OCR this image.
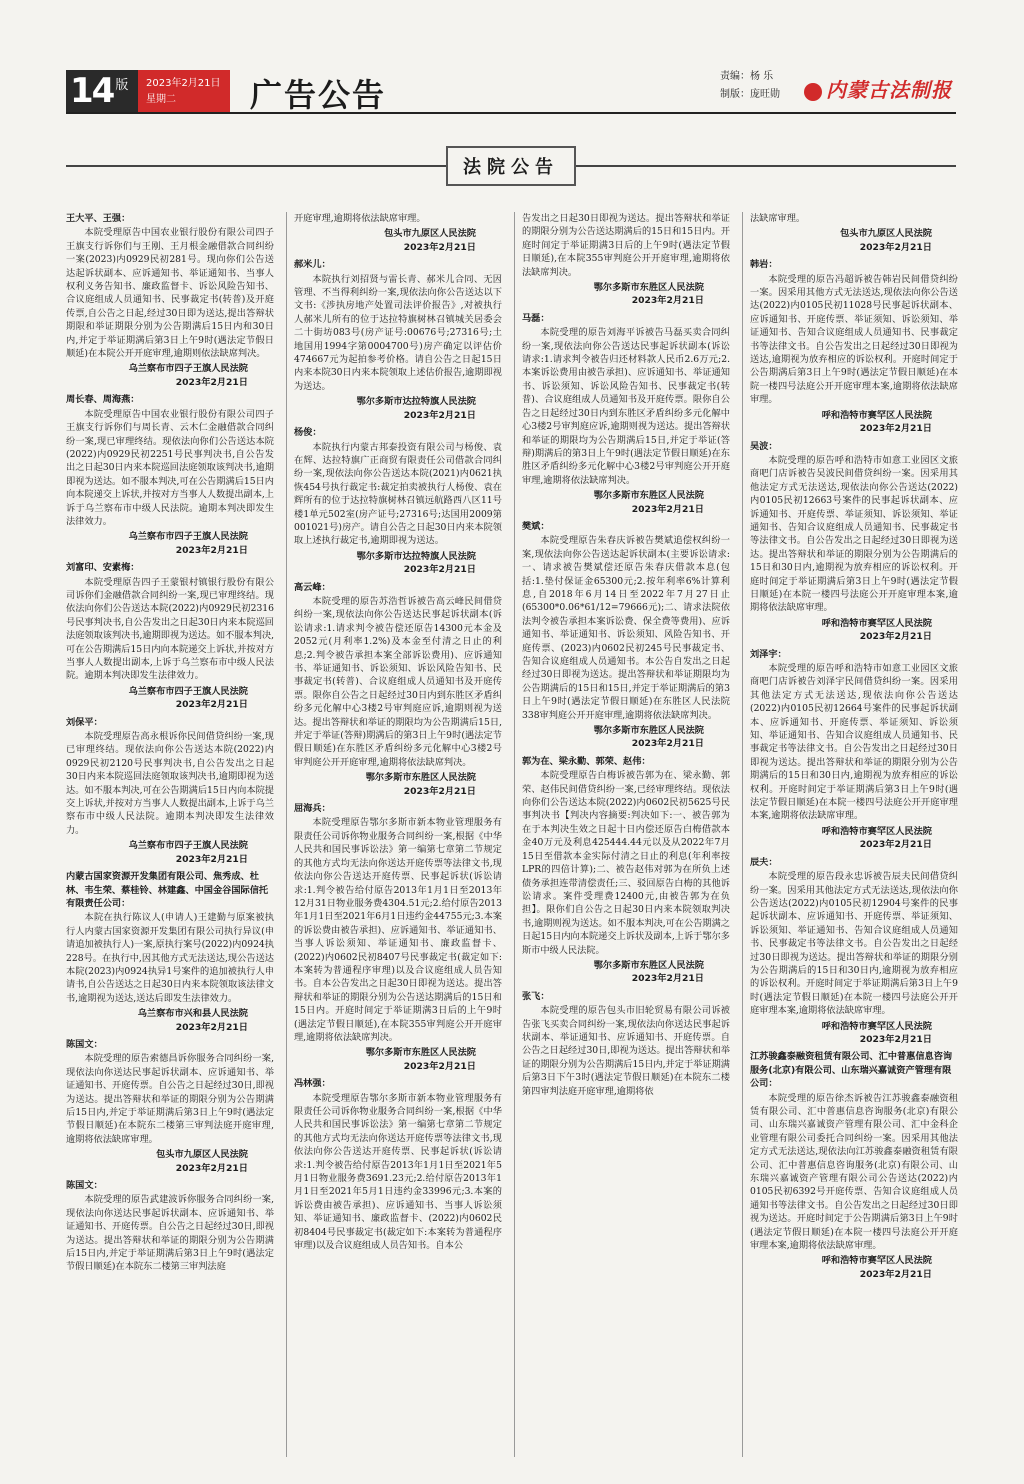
14 版 2023年2月21日
星期二	广告公告	责编：杨 乐
制版：庞旺勋	内蒙古法制报
法院公告
王大平、王强：
本院受理原告中国农业银行股份有限公司四子王旗支行诉你们与王刚、王月根金融借款合同纠纷一案(2023)内0929民初281号。现向你们公告送达起诉状副本、应诉通知书、举证通知书、当事人权利义务告知书、廉政监督卡、诉讼风险告知书、合议庭组成人员通知书、民事裁定书(转普)及开庭传票,自公告之日起,经过30日即为送达,提出答辩状期限和举证期限分别为公告期满后15日内和30日内,并定于举证期满后第3日上午9时(遇法定节假日顺延)在本院公开开庭审理,逾期则依法缺席判决。
乌兰察布市四子王旗人民法院
2023年2月21日
周长春、周海燕：
本院受理原告中国农业银行股份有限公司四子王旗支行诉你们与周长青、云木仁金融借款合同纠纷一案,现已审理终结。现依法向你们公告送达本院(2022)内0929民初2251号民事判决书,自公告发出之日起30日内来本院巡回法庭领取该判决书,逾期即视为送达。如不服本判决,可在公告期满后15日内向本院递交上诉状,并按对方当事人人数提出副本,上诉于乌兰察布市中级人民法院。逾期本判决即发生法律效力。
乌兰察布市四子王旗人民法院
2023年2月21日
刘富印、安素梅：
本院受理原告四子王蒙银村镇银行股份有限公司诉你们金融借款合同纠纷一案,现已审理终结。现依法向你们公告送达本院(2022)内0929民初2316号民事判决书,自公告发出之日起30日内来本院巡回法庭领取该判决书,逾期即视为送达。如不服本判决,可在公告期满后15日内向本院递交上诉状,并按对方当事人人数提出副本,上诉于乌兰察布市中级人民法院。逾期本判决即发生法律效力。
乌兰察布市四子王旗人民法院
2023年2月21日
刘保平：
本院受理原告高永根诉你民间借贷纠纷一案,现已审理终结。现依法向你公告送达本院(2022)内0929民初2120号民事判决书,自公告发出之日起30日内来本院巡回法庭领取该判决书,逾期即视为送达。如不服本判决,可在公告期满后15日内向本院提交上诉状,并按对方当事人人数提出副本,上诉于乌兰察布市中级人民法院。逾期本判决即发生法律效力。
乌兰察布市四子王旗人民法院
2023年2月21日
内蒙古国家资源开发集团有限公司、焦秀成、杜林、韦生荣、蔡桂铃、林建鑫、中国金谷国际信托有限责任公司：
本院在执行陈议人(申请人)王建勤与原案被执行人内蒙古国家资源开发集团有限公司执行异议(申请追加被执行人)一案,原执行案号(2022)内0924执228号。在执行中,因其他方式无法送达,现公告送达本院(2023)内0924执异1号案件的追加被执行人申请书,自公告送达之日起30日内来本院领取该法律文书,逾期视为送达,送达后即发生法律效力。
乌兰察布市兴和县人民法院
2023年2月21日
陈国文：
本院受理的原告索德昌诉你服务合同纠纷一案,现依法向你送达民事起诉状副本、应诉通知书、举证通知书、开庭传票。自公告之日起经过30日,即视为送达。提出答辩状和举证的期限分别为公告期满后15日内,并定于举证期满后第3日上午9时(遇法定节假日顺延)在本院东二楼第三审判法庭开庭审理,逾期将依法缺席审理。
包头市九原区人民法院
2023年2月21日
陈国文：
本院受理的原告武建波诉你服务合同纠纷一案,现依法向你送达民事起诉状副本、应诉通知书、举证通知书、开庭传票。自公告之日起经过30日,即视为送达。提出答辩状和举证的期限分别为公告期满后15日内,并定于举证期满后第3日上午9时(遇法定节假日顺延)在本院东二楼第三审判法庭
开庭审理,逾期将依法缺席审理。
包头市九原区人民法院
2023年2月21日
郝米儿：
本院执行刘招贤与雷长青、郝米儿合同、无因管理、不当得利纠纷一案,现依法向你公告送达以下文书:《涉执房地产处置司法评价报告》,对被执行人郝米儿所有的位于达拉特旗树林召镇城关居委会二十街坊083号(房产证号:00676号;27316号;土地国用1994字第0004700号)房产确定以评估价474667元为起拍参考价格。请自公告之日起15日内来本院30日内来本院领取上述估价报告,逾期即视为送达。
鄂尔多斯市达拉特旗人民法院
2023年2月21日
杨俊：
本院执行内蒙古邦泰投资有限公司与杨俊、袁在辉、达拉特旗广正商贸有限责任公司借款合同纠纷一案,现依法向你公告送达本院(2021)内0621执恢454号执行裁定书:裁定拍卖被执行人杨俊、袁在辉所有的位于达拉特旗树林召镇远航路西八区11号楼1单元502室(房产证号;27316号;达国用2009第001021号)房产。请自公告之日起30日内来本院领取上述执行裁定书,逾期即视为送达。
鄂尔多斯市达拉特旗人民法院
2023年2月21日
高云峰：
本院受理的原告苏浩哲诉被告高云峰民间借贷纠纷一案,现依法向你公告送达民事起诉状副本(诉讼请求:1.请求判令被告偿还原告14300元本金及2052元(月利率1.2%)及本金至付清之日止的利息;2.判令被告承担本案全部诉讼费用)、应诉通知书、举证通知书、诉讼须知、诉讼风险告知书、民事裁定书(转普)、合议庭组成人员通知书及开庭传票。限你自公告之日起经过30日内到东胜区矛盾纠纷多元化解中心3楼2号审判庭应诉,逾期则视为送达。提出答辩状和举证的期限均为公告期满后15日,并定于举证(答辩)期满后的第3日上午9时(遇法定节假日顺延)在东胜区矛盾纠纷多元化解中心3楼2号审判庭公开开庭审理,逾期将依法缺席判决。
鄂尔多斯市东胜区人民法院
2023年2月21日
屈海兵：
本院受理原告鄂尔多斯市新本物业管理服务有限责任公司诉你物业服务合同纠纷一案,根据《中华人民共和国民事诉讼法》第一编第七章第二节规定的其他方式均无法向你送达开庭传票等法律文书,现依法向你公告送达开庭传票、民事起诉状(诉讼请求:1.判令被告给付原告2013年1月1日至2013年12月31日物业服务费4304.51元;2.给付原告2013年1月1日至2021年6月1日违约金44755元;3.本案的诉讼费由被告承担)、应诉通知书、举证通知书、当事人诉讼须知、举证通知书、廉政监督卡、(2022)内0602民初8407号民事裁定书(裁定如下:本案转为普通程序审理)以及合议庭组成人员告知书。自本公告发出之日起30日即视为送达。提出答辩状和举证的期限分别为公告送达期满后的15日和15日内。开庭时间定于举证期满3日后的上午9时(遇法定节假日顺延),在本院355审判庭公开开庭审理,逾期将依法缺席判决。
鄂尔多斯市东胜区人民法院
2023年2月21日
冯林强：
本院受理原告鄂尔多斯市新本物业管理服务有限责任公司诉你物业服务合同纠纷一案,根据《中华人民共和国民事诉讼法》第一编第七章第二节规定的其他方式均无法向你送达开庭传票等法律文书,现依法向你公告送达开庭传票、民事起诉状(诉讼请求:1.判令被告给付原告2013年1月1日至2021年5月1日物业服务费3691.23元;2.给付原告2013年1月1日至2021年5月1日违约金33996元;3.本案的诉讼费由被告承担)、应诉通知书、当事人诉讼须知、举证通知书、廉政监督卡、(2022)内0602民初8404号民事裁定书(裁定如下:本案转为普通程序审理)以及合议庭组成人员告知书。自本公
告发出之日起30日即视为送达。提出答辩状和举证的期限分别为公告送达期满后的15日和15日内。开庭时间定于举证期满3日后的上午9时(遇法定节假日顺延),在本院355审判庭公开开庭审理,逾期将依法缺席判决。
鄂尔多斯市东胜区人民法院
2023年2月21日
马磊：
本院受理的原告刘海平诉被告马磊买卖合同纠纷一案,现依法向你公告送达民事起诉状副本(诉讼请求:1.请求判令被告归还材料款人民币2.6万元;2.本案诉讼费用由被告承担)、应诉通知书、举证通知书、诉讼须知、诉讼风险告知书、民事裁定书(转普)、合议庭组成人员通知书及开庭传票。限你自公告之日起经过30日内到东胜区矛盾纠纷多元化解中心3楼2号审判庭应诉,逾期则视为送达。提出答辩状和举证的期限均为公告期满后15日,并定于举证(答辩)期满后的第3日上午9时(遇法定节假日顺延)在东胜区矛盾纠纷多元化解中心3楼2号审判庭公开开庭审理,逾期将依法缺席判决。
鄂尔多斯市东胜区人民法院
2023年2月21日
樊斌：
本院受理原告朱春庆诉被告樊斌追偿权纠纷一案,现依法向你公告送达起诉状副本(主要诉讼请求:一、请求被告樊斌偿还原告朱春庆借款本息(包括:1.垫付保证金65300元;2.按年利率6%计算利息,自2018年6月14日至2022年7月27日止(65300*0.06*61/12=79666元);二、请求法院依法判令被告承担本案诉讼费、保全费等费用)、应诉通知书、举证通知书、诉讼须知、风险告知书、开庭传票、(2023)内0602民初245号民事裁定书、告知合议庭组成人员通知书。本公告自发出之日起经过30日即视为送达。提出答辩状和举证期限均为公告期满后的15日和15日,并定于举证期满后的第3日上午9时(遇法定节假日顺延)在东胜区人民法院338审判庭公开开庭审理,逾期将依法缺席判决。
鄂尔多斯市东胜区人民法院
2023年2月21日
郭为在、梁永勤、郭荣、赵伟：
本院受理原告白梅诉被告郭为在、梁永勤、郭荣、赵伟民间借贷纠纷一案,已经审理终结。现依法向你们公告送达本院(2022)内0602民初5625号民事判决书【判决内容摘要:判决如下:一、被告郭为在于本判决生效之日起十日内偿还原告白梅借款本金40万元及利息425444.44元以及从2022年7月15日至借款本金实际付清之日止的利息(年利率按LPR的四倍计算);二、被告赵伟对郭为在所负上述债务承担连带清偿责任;三、驳回原告白梅的其他诉讼请求。案件受理费12400元,由被告郭为在负担】。限你们自公告之日起30日内来本院领取判决书,逾期则视为送达。如不服本判决,可在公告期满之日起15日内向本院递交上诉状及副本,上诉于鄂尔多斯市中级人民法院。
鄂尔多斯市东胜区人民法院
2023年2月21日
张飞：
本院受理的原告包头市旧轮贸易有限公司诉被告张飞买卖合同纠纷一案,现依法向你送达民事起诉状副本、举证通知书、应诉通知书、开庭传票。自公告之日起经过30日,即视为送达。提出答辩状和举证的期限分别为公告期满后15日内,并定于举证期满后第3日下午3时(遇法定节假日顺延)在本院东二楼第四审判法庭开庭审理,逾期将依
法缺席审理。
包头市九原区人民法院
2023年2月21日
韩岩：
本院受理的原告冯超诉被告韩岩民间借贷纠纷一案。因采用其他方式无法送达,现依法向你公告送达(2022)内0105民初11028号民事起诉状副本、应诉通知书、开庭传票、举证须知、诉讼须知、举证通知书、告知合议庭组成人员通知书、民事裁定书等法律文书。自公告发出之日起经过30日即视为送达,逾期视为放弃相应的诉讼权利。开庭时间定于公告期满后第3日上午9时(遇法定节假日顺延)在本院一楼四号法庭公开开庭审理本案,逾期将依法缺席审理。
呼和浩特市赛罕区人民法院
2023年2月21日
吴波：
本院受理的原告呼和浩特市如意工业园区文旅商吧门店诉被告吴波民间借贷纠纷一案。因采用其他法定方式无法送达,现依法向你公告送达(2022)内0105民初12663号案件的民事起诉状副本、应诉通知书、开庭传票、举证须知、诉讼须知、举证通知书、告知合议庭组成人员通知书、民事裁定书等法律文书。自公告发出之日起经过30日即视为送达。提出答辩状和举证的期限分别为公告期满后的15日和30日内,逾期视为放弃相应的诉讼权利。开庭时间定于举证期满后第3日上午9时(遇法定节假日顺延)在本院一楼四号法庭公开开庭审理本案,逾期将依法缺席审理。
呼和浩特市赛罕区人民法院
2023年2月21日
刘泽宇：
本院受理的原告呼和浩特市如意工业园区文旅商吧门店诉被告刘泽宇民间借贷纠纷一案。因采用其他法定方式无法送达,现依法向你公告送达(2022)内0105民初12664号案件的民事起诉状副本、应诉通知书、开庭传票、举证须知、诉讼须知、举证通知书、告知合议庭组成人员通知书、民事裁定书等法律文书。自公告发出之日起经过30日即视为送达。提出答辩状和举证的期限分别为公告期满后的15日和30日内,逾期视为放弃相应的诉讼权利。开庭时间定于举证期满后第3日上午9时(遇法定节假日顺延)在本院一楼四号法庭公开开庭审理本案,逾期将依法缺席审理。
呼和浩特市赛罕区人民法院
2023年2月21日
辰夫：
本院受理的原告段永忠诉被告辰夫民间借贷纠纷一案。因采用其他法定方式无法送达,现依法向你公告送达(2022)内0105民初12904号案件的民事起诉状副本、应诉通知书、开庭传票、举证须知、诉讼须知、举证通知书、告知合议庭组成人员通知书、民事裁定书等法律文书。自公告发出之日起经过30日即视为送达。提出答辩状和举证的期限分别为公告期满后的15日和30日内,逾期视为放弃相应的诉讼权利。开庭时间定于举证期满后第3日上午9时(遇法定节假日顺延)在本院一楼四号法庭公开开庭审理本案,逾期将依法缺席审理。
呼和浩特市赛罕区人民法院
2023年2月21日
江苏骏鑫泰融资租赁有限公司、汇中普惠信息咨询服务(北京)有限公司、山东瑞兴嘉诚资产管理有限公司：
本院受理的原告徐杰诉被告江苏骏鑫泰融资租赁有限公司、汇中普惠信息咨询服务(北京)有限公司、山东瑞兴嘉诚资产管理有限公司、汇中金科企业管理有限公司委托合同纠纷一案。因采用其他法定方式无法送达,现依法向江苏骏鑫泰融资租赁有限公司、汇中普惠信息咨询服务(北京)有限公司、山东瑞兴嘉诚资产管理有限公司公告送达(2022)内0105民初6392号开庭传票、告知合议庭组成人员通知书等法律文书。自公告发出之日起经过30日即视为送达。开庭时间定于公告期满后第3日上午9时(遇法定节假日顺延)在本院一楼四号法庭公开开庭审理本案,逾期将依法缺席审理。
呼和浩特市赛罕区人民法院
2023年2月21日
